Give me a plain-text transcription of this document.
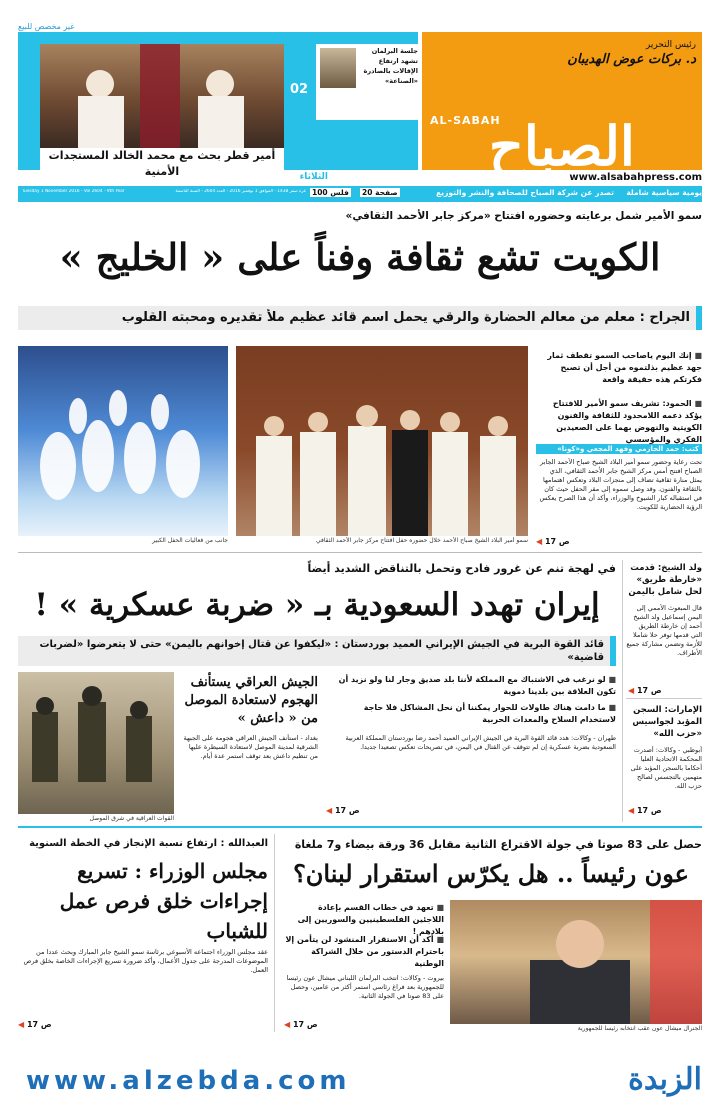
غير مخصص للبيع
أمير قطر بحث مع محمد الخالد المستجدات الأمنية
02
جلسة البرلمان تشهد ارتفاع الإقالات بالصادرة «الصناعة»
رئيس التحرير
د. بركات عوض الهديبان
AL-SABAH
الصباح
www.alsabahpress.com
الثلاثاء
يومية سياسية شاملة
تصدر عن شركة الصباح للصحافة والنشر والتوزيع
20 صفحة
100 فلس
غرة صفر 1438 - الموافق 1 نوفمبر 2016 - العدد 2604 - السنة التاسعة
Tuesday 1 November 2016 - Vol 2604 - 9th Year
سمو الأمير شمل برعايته وحضوره افتتاح «مركز جابر الأحمد الثقافي»
الكويت تشع ثقافة وفناً على « الخليج »
الجراح : معلم من معالم الحضارة والرقي يحمل اسم قائد عظيم ملأ تقديره ومحبته القلوب
جانب من فعاليات الحفل الكبير	سمو أمير البلاد الشيخ صباح الأحمد خلال حضوره حفل افتتاح مركز جابر الأحمد الثقافي
■ إنك اليوم ياصاحب السمو تقطف ثمار جهد عظيم بذلتموه من أجل أن تصبح فكرتكم هذه حقيقة واقعة
■ الحمود: تشريف سمو الأمير للافتتاح يؤكد دعمه اللامحدود للثقافة والفنون الكويتية والنهوض بهما على الصعيدين الفكري والمؤسسي
كتب: حمد الحازمي وفهد المجعي و«كونا»
تحت رعاية وحضور سمو أمير البلاد الشيخ صباح الأحمد الجابر الصباح افتتح أمس مركز الشيخ جابر الأحمد الثقافي، الذي يمثل منارة ثقافية تضاف إلى منجزات البلاد وتعكس اهتمامها بالثقافة والفنون. وقد وصل سموه إلى مقر الحفل حيث كان في استقباله كبار الشيوخ والوزراء، وأكد أن هذا الصرح يعكس الرؤية الحضارية للكويت.
◀ ص 17
ولد الشيخ: قدمت «خارطة طريق» لحل شامل باليمن
قال المبعوث الأممي إلى اليمن إسماعيل ولد الشيخ أحمد إن خارطة الطريق التي قدمها توفر حلا شاملا للأزمة وتضمن مشاركة جميع الأطراف.
◀ ص 17
الإمارات: السجن المؤبد لجواسيس «حزب الله»
أبوظبي - وكالات: أصدرت المحكمة الاتحادية العليا أحكاما بالسجن المؤبد على متهمين بالتجسس لصالح حزب الله.
◀ ص 17
في لهجة تنم عن غرور فادح وتحمل بالتناقض الشديد أيضاً
إيران تهدد السعودية بـ « ضربة عسكرية » !
قائد القوة البرية في الجيش الإيراني العميد بوردستان : «ليكفوا عن قتال إخوانهم باليمن» حتى لا يتعرضوا «لضربات قاضية»
القوات العراقية في شرق الموصل
الجيش العراقي يستأنف الهجوم لاستعادة الموصل من « داعش »
بغداد - استأنف الجيش العراقي هجومه على الجبهة الشرقية لمدينة الموصل لاستعادة السيطرة عليها من تنظيم داعش بعد توقف استمر عدة أيام.
■ لو نرغب في الاشتباك مع المملكة لأننا بلد صديق وجار لنا ولو نزيد أن تكون العلاقة بين بلدينا دموية
■ ما دامت هناك طاولات للحوار يمكننا أن نحل المشاكل فلا حاجة لاستخدام السلاح والمعدات الحربية
طهران - وكالات: هدد قائد القوة البرية في الجيش الإيراني العميد أحمد رضا بوردستان المملكة العربية السعودية بضربة عسكرية إن لم تتوقف عن القتال في اليمن، في تصريحات تعكس تصعيدا جديدا.
◀ ص 17
حصل على 83 صوتا في جولة الاقتراع الثانية مقابل 36 ورقة بيضاء و7 ملغاة
عون رئيساً .. هل يكرّس استقرار لبنان؟
■ تعهد في خطاب القسم بإعادة اللاجئين الفلسطينيين والسوريين إلى بلادهم !
■ أكد أن الاستقرار المنشود لن يتأمن إلا باحترام الدستور من خلال الشراكة الوطنية
بيروت - وكالات: انتخب البرلمان اللبناني ميشال عون رئيسا للجمهورية بعد فراغ رئاسي استمر أكثر من عامين، وحصل على 83 صوتا في الجولة الثانية.
◀ ص 17	الجنرال ميشال عون عقب انتخابه رئيسا للجمهورية
العبدالله : ارتفاع نسبة الإنجاز في الخطة السنوية
مجلس الوزراء : تسريع إجراءات خلق فرص عمل للشباب
عقد مجلس الوزراء اجتماعه الأسبوعي برئاسة سمو الشيخ جابر المبارك وبحث عددا من الموضوعات المدرجة على جدول الأعمال، وأكد ضرورة تسريع الإجراءات الخاصة بخلق فرص العمل.
◀ ص 17
www.alzebda.com	الزبدة
